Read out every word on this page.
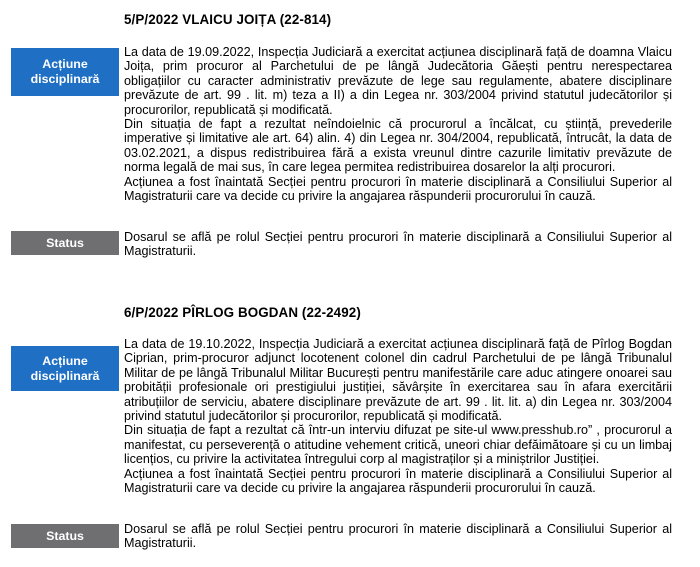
5/P/2022 VLAICU JOIȚA (22-814)
Acțiune disciplinară

La data de 19.09.2022, Inspecția Judiciară a exercitat acțiunea disciplinară față de doamna Vlaicu Joița, prim procuror al Parchetului de pe lângă Judecătoria Găești pentru nerespectarea obligațiilor cu caracter administrativ prevăzute de lege sau regulamente, abatere disciplinare prevăzute de art. 99 . lit. m) teza a II) a din Legea nr. 303/2004 privind statutul judecătorilor și procurorilor, republicată și modificată.

Din situația de fapt a rezultat neîndoielnic că procurorul a încălcat, cu știință, prevederile imperative și limitative ale art. 64) alin. 4) din Legea nr. 304/2004, republicată, întrucât, la data de 03.02.2021, a dispus redistribuirea fără a exista vreunul dintre cazurile limitativ prevăzute de norma legală de mai sus, în care legea permitea redistribuirea dosarelor la alți procurori.

Acțiunea a fost înaintată Secției pentru procurori în materie disciplinară a Consiliului Superior al Magistraturii care va decide cu privire la angajarea răspunderii procurorului în cauză.

Status	Dosarul se află pe rolul Secției pentru procurori în materie disciplinară a Consiliului Superior al Magistraturii.

6/P/2022 PÎRLOG BOGDAN (22-2492)
Acțiune disciplinară

La data de 19.10.2022, Inspecția Judiciară a exercitat acțiunea disciplinară față de Pîrlog Bogdan Ciprian, prim-procuror adjunct locotenent colonel din cadrul Parchetului de pe lângă Tribunalul Militar de pe lângă Tribunalul Militar București pentru manifestările care aduc atingere onoarei sau probității profesionale ori prestigiului justiției, săvârșite în exercitarea sau în afara exercitării atribuțiilor de serviciu, abatere disciplinare prevăzute de art. 99 . lit. lit. a) din Legea nr. 303/2004 privind statutul judecătorilor și procurorilor, republicată și modificată.

Din situația de fapt a rezultat că într-un interviu difuzat pe site-ul www.presshub.ro” , procurorul a manifestat, cu perseverență o atitudine vehement critică, uneori chiar defăimătoare și cu un limbaj licențios, cu privire la activitatea întregului corp al magistraților și a miniștrilor Justiției.

Acțiunea a fost înaintată Secției pentru procurori în materie disciplinară a Consiliului Superior al Magistraturii care va decide cu privire la angajarea răspunderii procurorului în cauză.

Status	Dosarul se află pe rolul Secției pentru procurori în materie disciplinară a Consiliului Superior al Magistraturii.
